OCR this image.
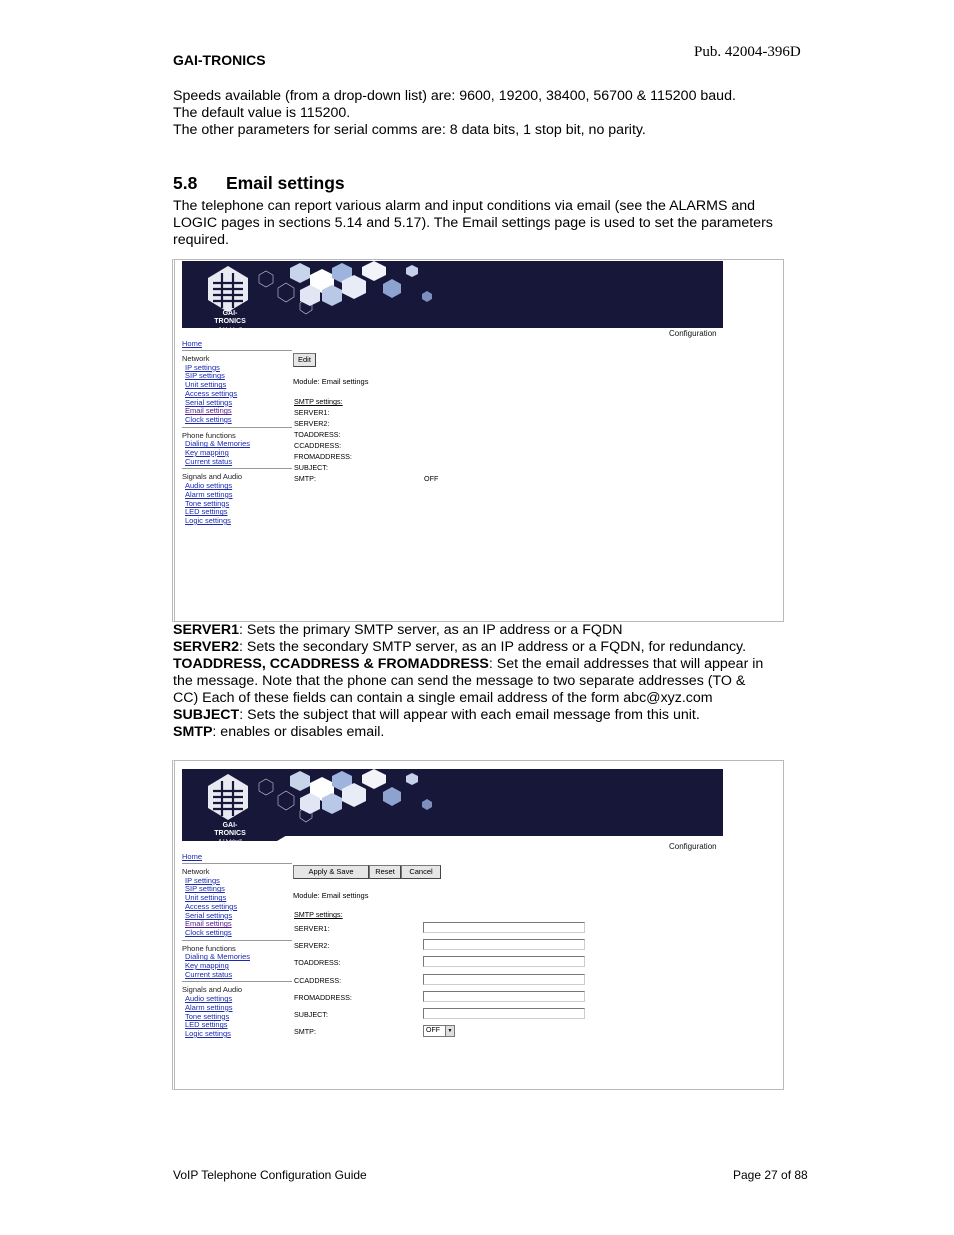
GAI-TRONICS	Pub. 42004-396D

Speeds available (from a drop-down list) are: 9600, 19200, 38400, 56700 & 115200 baud.

The default value is 115200.

The other parameters for serial comms are: 8 data bits, 1 stop bit, no parity.

5.8 Email settings
The telephone can report various alarm and input conditions via email (see the ALARMS and LOGIC pages in sections 5.14 and 5.17). The Email settings page is used to set the parameters required.
GAI-TRONICS
A Hubbell Company	Configuration
Home
Network
IP settings
SIP settings
Unit settings
Access settings
Serial settings
Email settings
Clock settings
Phone functions
Dialing & Memories
Key mapping
Current status
Signals and Audio
Audio settings
Alarm settings
Tone settings
LED settings
Logic settings
Edit
Module: Email settings
SMTP settings:
SERVER1:
SERVER2:
TOADDRESS:
CCADDRESS:
FROMADDRESS:
SUBJECT:
SMTP:	OFF

SERVER1: Sets the primary SMTP server, as an IP address or a FQDN

SERVER2: Sets the secondary SMTP server, as an IP address or a FQDN, for redundancy.

TOADDRESS, CCADDRESS & FROMADDRESS: Set the email addresses that will appear in the message. Note that the phone can send the message to two separate addresses (TO & CC) Each of these fields can contain a single email address of the form abc@xyz.com

SUBJECT: Sets the subject that will appear with each email message from this unit.

SMTP: enables or disables email.

GAI-TRONICS
A Hubbell Company	Configuration
Home
Network
IP settings
SIP settings
Unit settings
Access settings
Serial settings
Email settings
Clock settings
Phone functions
Dialing & Memories
Key mapping
Current status
Signals and Audio
Audio settings
Alarm settings
Tone settings
LED settings
Logic settings
Apply & Save	Reset	Cancel
Module: Email settings
SMTP settings:
SERVER1:
SERVER2:
TOADDRESS:
CCADDRESS:
FROMADDRESS:
SUBJECT:
SMTP:	OFF	▼
VoIP Telephone Configuration Guide	Page 27 of 88
